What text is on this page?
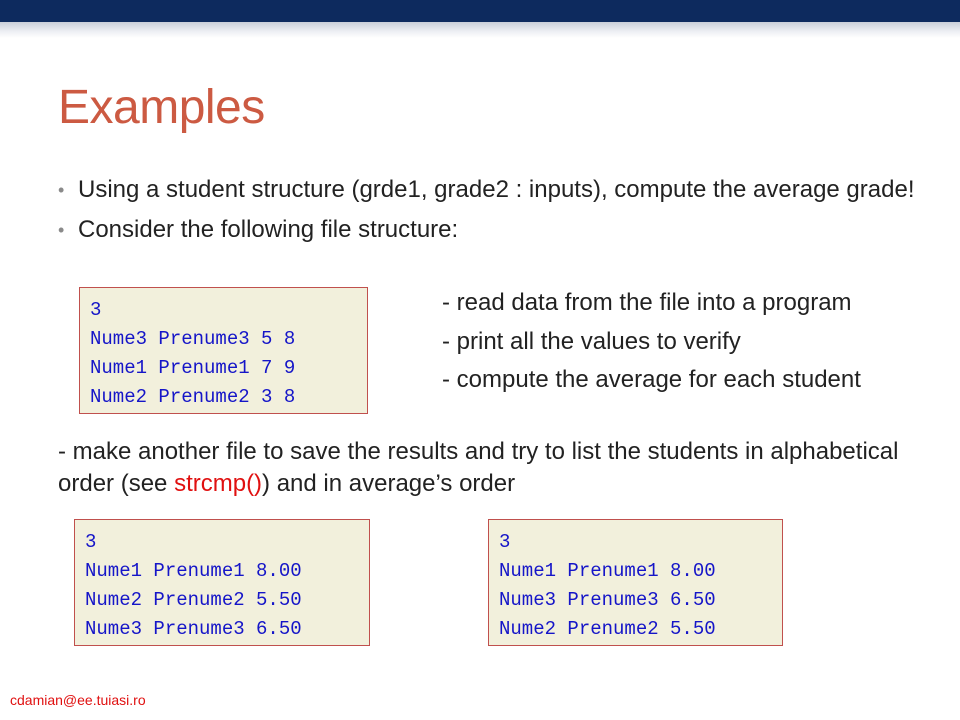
Examples
• Using a student structure (grde1, grade2 : inputs), compute the average grade!
• Consider the following file structure:
3
Nume3 Prenume3 5 8
Nume1 Prenume1 7 9
Nume2 Prenume2 3 8
- read data from the file into a program
- print all the values to verify
- compute the average for each student

- make another file to save the results and try to list the students in alphabetical order (see strcmp()) and in average’s order

3
Nume1 Prenume1 8.00
Nume2 Prenume2 5.50
Nume3 Prenume3 6.50
3
Nume1 Prenume1 8.00
Nume3 Prenume3 6.50
Nume2 Prenume2 5.50
cdamian@ee.tuiasi.ro
